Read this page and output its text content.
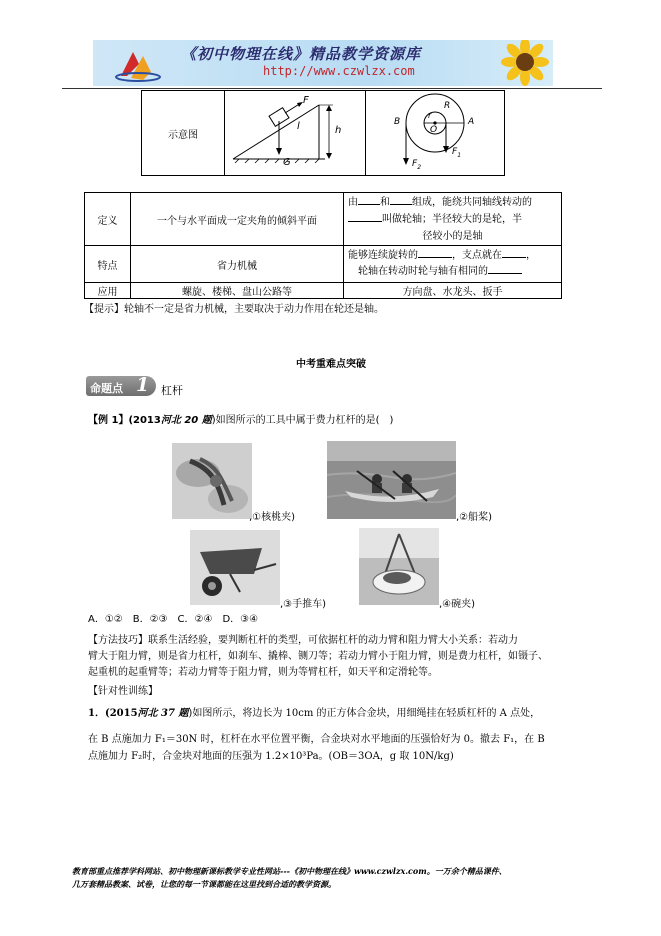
《初中物理在线》精品教学资源库
http://www.czwlzx.com
示意图	
F
l	h
G

R
B
r
O
A
$F_2$
$F_1$
定义	一个与水平面成一定夹角的倾斜平面	由 和 组成，能绕共同轴线转动的
叫做轮轴；半径较大的是轮，半
径较小的是轴

特点	省力机械	能够连续旋转的 ，支点就在 ，
轮轴在转动时轮与轴有相同的

应用	螺旋、楼梯、盘山公路等	方向盘、水龙头、扳手
【提示】轮轴不一定是省力机械，主要取决于动力作用在轮还是轴。
中考重难点突破
命题点 1 杠杆
【例 1】(2013河北 20 题)如图所示的工具中属于费力杠杆的是(　)
,①核桃夹)	,②船桨)
,③手推车)	,④碗夹)
A．①②　B．②③　C．②④　D．③④
【方法技巧】联系生活经验，要判断杠杆的类型，可依据杠杆的动力臂和阻力臂大小关系：若动力
臂大于阻力臂，则是省力杠杆，如刹车、撬棒、铡刀等；若动力臂小于阻力臂，则是费力杠杆，如镊子、
起重机的起重臂等；若动力臂等于阻力臂，则为等臂杠杆，如天平和定滑轮等。
【针对性训练】
1．(2015河北 37 题)如图所示，将边长为 10cm 的正方体合金块，用细绳挂在轻质杠杆的 A 点处，
在 B 点施加力 F₁＝30N 时，杠杆在水平位置平衡，合金块对水平地面的压强恰好为 0。撤去 F₁，在 B
点施加力 F₂时，合金块对地面的压强为 1.2×10³Pa。(OB＝3OA，g 取 10N/kg)
教育部重点推荐学科网站、初中物理新课标教学专业性网站---《初中物理在线》www.czwlzx.com。一万余个精品课件、
几万套精品教案、试卷，让您的每一节课都能在这里找到合适的教学资源。
